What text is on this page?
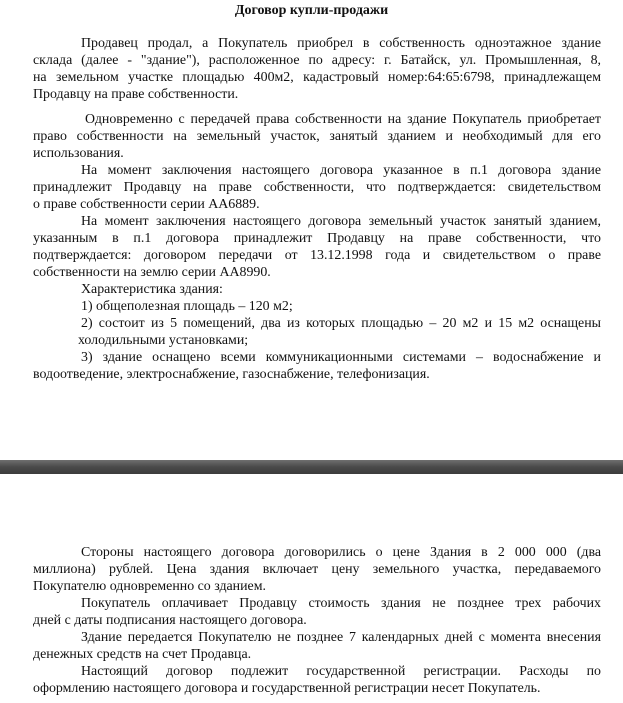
Договор купли-продажи
Продавец продал, а Покупатель приобрел в собственность одноэтажное здание
склада (далее - "здание"), расположенное по адресу: г. Батайск, ул. Промышленная, 8,
на земельном участке площадью 400м2, кадастровый номер:64:65:6798, принадлежащем
Продавцу на праве собственности.
Одновременно с передачей права собственности на здание Покупатель приобретает
право собственности на земельный участок, занятый зданием и необходимый для его
использования.
На момент заключения настоящего договора указанное в п.1 договора здание
принадлежит Продавцу на праве собственности, что подтверждается: свидетельством
о праве собственности серии АА6889.
На момент заключения настоящего договора земельный участок занятый зданием,
указанным в п.1 договора принадлежит Продавцу на праве собственности, что
подтверждается: договором передачи от 13.12.1998 года и свидетельством о праве
собственности на землю серии АА8990.
Характеристика здания:
1) общеполезная площадь – 120 м2;
2) состоит из 5 помещений, два из которых площадью – 20 м2 и 15 м2 оснащены
холодильными установками;
3) здание оснащено всеми коммуникационными системами – водоснабжение и
водоотведение, электроснабжение, газоснабжение, телефонизация.
Стороны настоящего договора договорились о цене Здания в 2 000 000 (два
миллиона) рублей. Цена здания включает цену земельного участка, передаваемого
Покупателю одновременно со зданием.
Покупатель оплачивает Продавцу стоимость здания не позднее трех рабочих
дней с даты подписания настоящего договора.
Здание передается Покупателю не позднее 7 календарных дней с момента внесения
денежных средств на счет Продавца.
Настоящий договор подлежит государственной регистрации. Расходы по
оформлению настоящего договора и государственной регистрации несет Покупатель.
